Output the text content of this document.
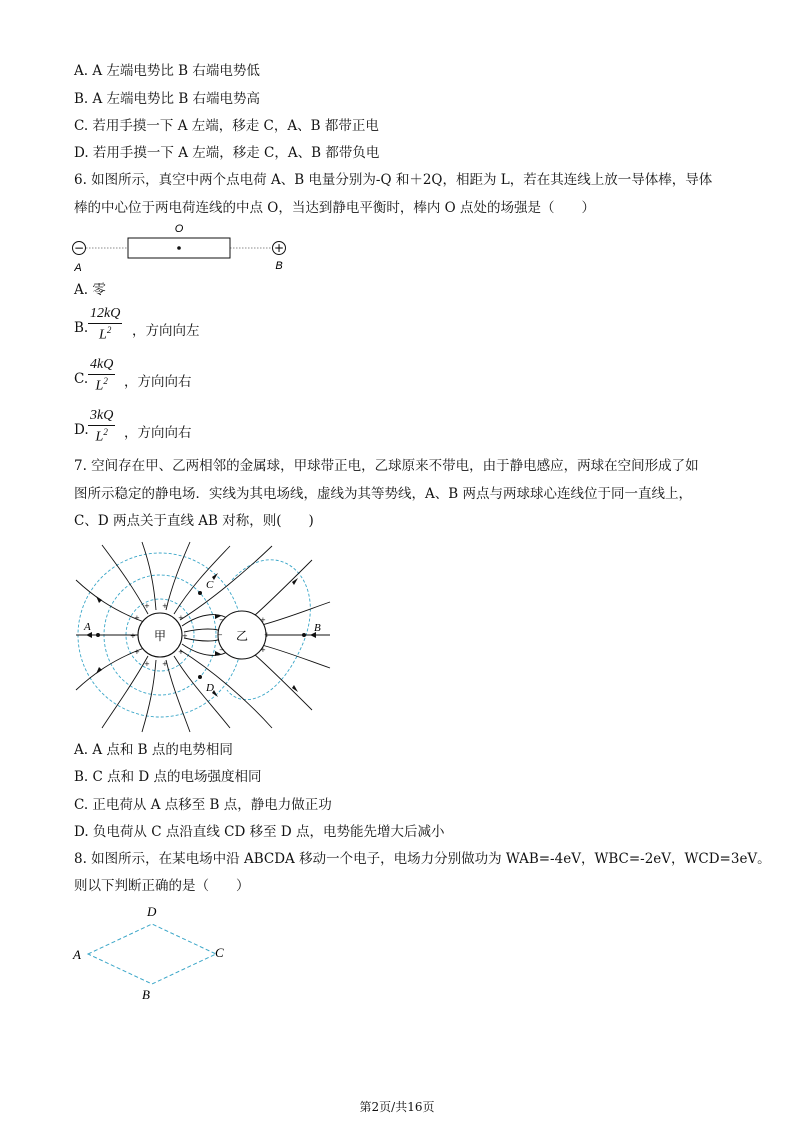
A. A 左端电势比 B 右端电势低
B. A 左端电势比 B 右端电势高
C. 若用手摸一下 A 左端，移走 C，A、B 都带正电
D. 若用手摸一下 A 左端，移走 C，A、B 都带负电
6. 如图所示，真空中两个点电荷 A、B 电量分别为-Q 和＋2Q，相距为 L，若在其连线上放一导体棒，导体
棒的中心位于两电荷连线的中点 O，当达到静电平衡时，棒内 O 点处的场强是（　　）
−	+
O
A	B
A. 零
B. $\frac{12kQ}{L^2}$ ，方向向左
C. $\frac{4kQ}{L^2}$ ，方向向右
D. $\frac{3kQ}{L^2}$ ，方向向右
7. 空间存在甲、乙两相邻的金属球，甲球带正电，乙球原来不带电，由于静电感应，两球在空间形成了如
图所示稳定的静电场．实线为其电场线，虚线为其等势线，A、B 两点与两球球心连线位于同一直线上，
C、D 两点关于直线 AB 对称，则(　　)
+
+
+
+
+
+
+
+
+	+
−
−
−
+
+
+
甲	乙
A	B
C
D
A. A 点和 B 点的电势相同
B. C 点和 D 点的电场强度相同
C. 正电荷从 A 点移至 B 点，静电力做正功
D. 负电荷从 C 点沿直线 CD 移至 D 点，电势能先增大后减小
8. 如图所示，在某电场中沿 ABCDA 移动一个电子，电场力分别做功为 WAB=-4eV，WBC=-2eV，WCD=3eV。
则以下判断正确的是（　　）
A	C
D
B
第2页/共16页
